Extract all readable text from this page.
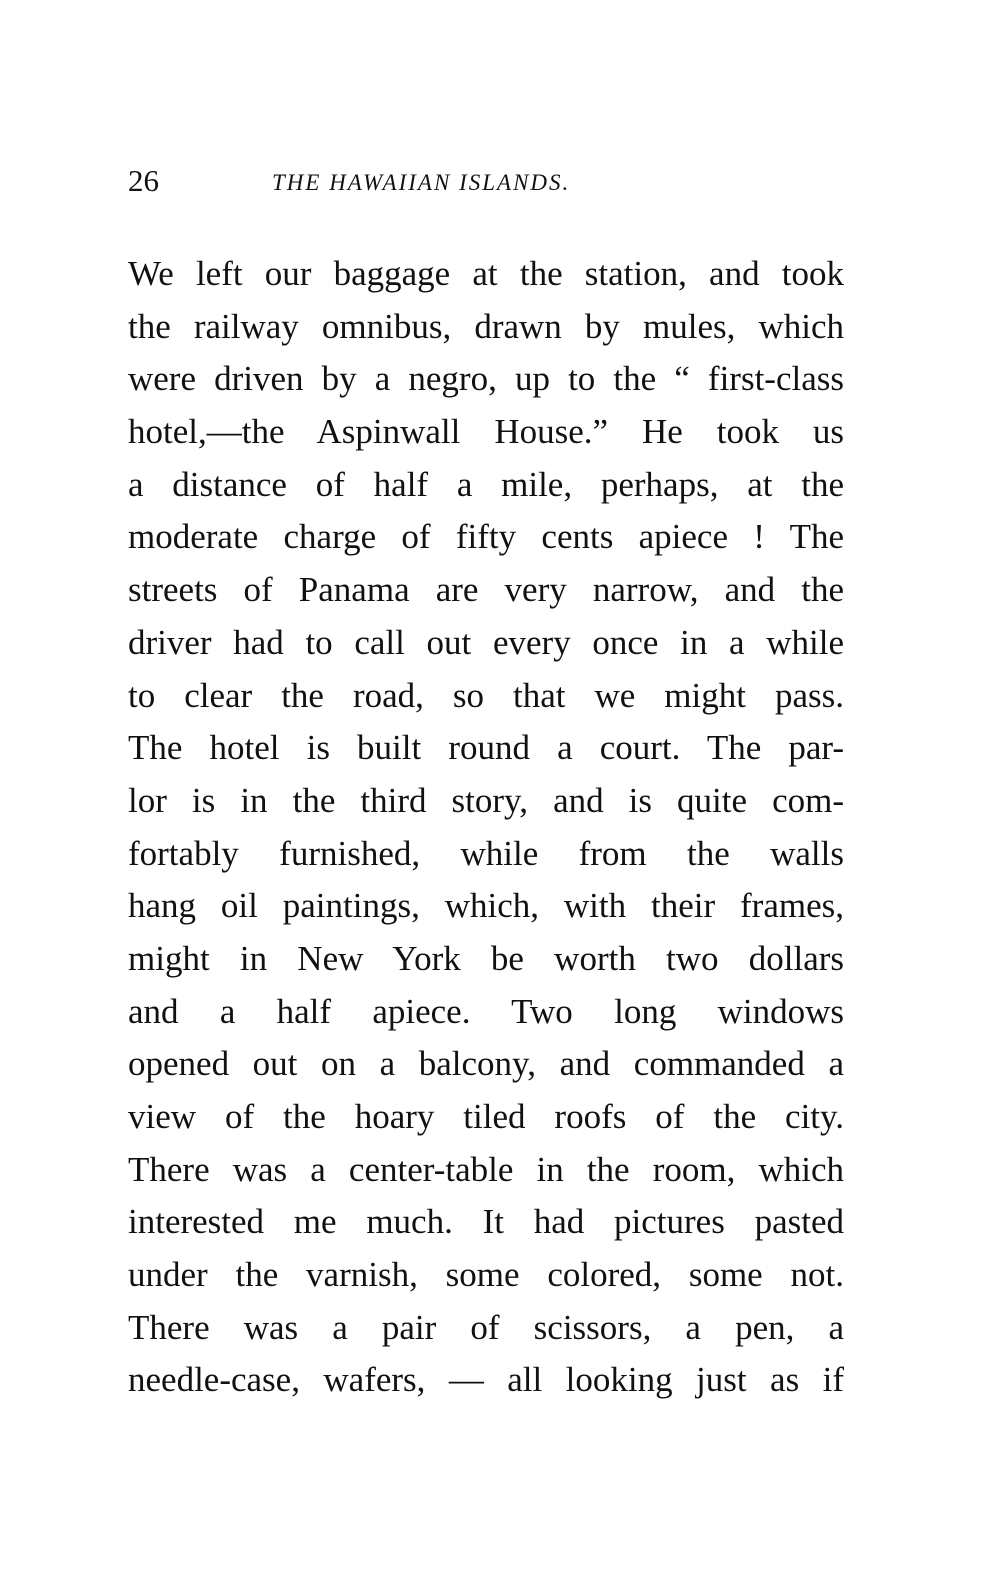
26	THE HAWAIIAN ISLANDS.
We left our baggage at the station, and took
the railway omnibus, drawn by mules, which
were driven by a negro, up to the “ first-class
hotel,—the Aspinwall House.” He took us
a distance of half a mile, perhaps, at the
moderate charge of fifty cents apiece ! The
streets of Panama are very narrow, and the
driver had to call out every once in a while
to clear the road, so that we might pass.
The hotel is built round a court. The par-
lor is in the third story, and is quite com-
fortably furnished, while from the walls
hang oil paintings, which, with their frames,
might in New York be worth two dollars
and a half apiece. Two long windows
opened out on a balcony, and commanded a
view of the hoary tiled roofs of the city.
There was a center-table in the room, which
interested me much. It had pictures pasted
under the varnish, some colored, some not.
There was a pair of scissors, a pen, a
needle-case, wafers, — all looking just as if
